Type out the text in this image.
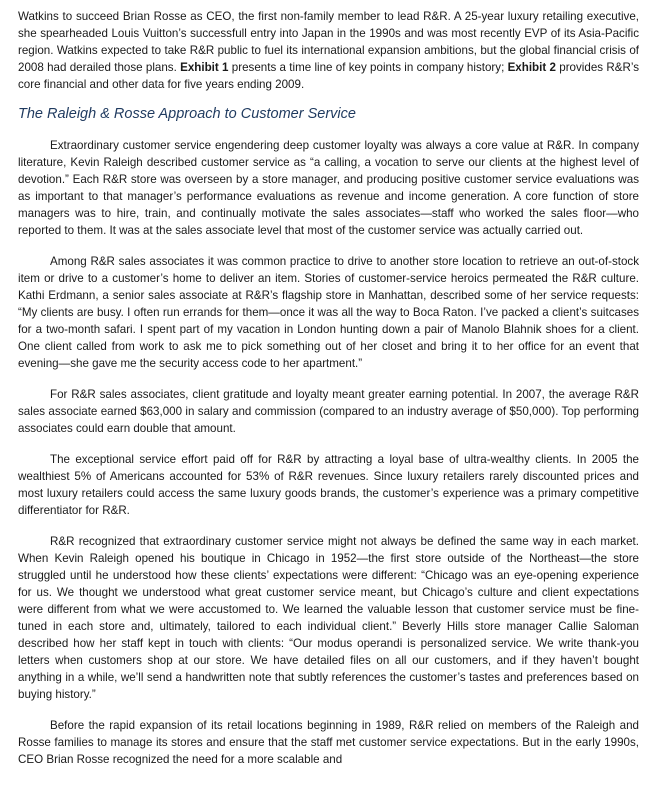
Watkins to succeed Brian Rosse as CEO, the first non-family member to lead R&R. A 25-year luxury retailing executive, she spearheaded Louis Vuitton’s successfull entry into Japan in the 1990s and was most recently EVP of its Asia-Pacific region. Watkins expected to take R&R public to fuel its international expansion ambitions, but the global financial crisis of 2008 had derailed those plans. Exhibit 1 presents a time line of key points in company history; Exhibit 2 provides R&R’s core financial and other data for five years ending 2009.

The Raleigh & Rosse Approach to Customer Service

Extraordinary customer service engendering deep customer loyalty was always a core value at R&R. In company literature, Kevin Raleigh described customer service as “a calling, a vocation to serve our clients at the highest level of devotion.” Each R&R store was overseen by a store manager, and producing positive customer service evaluations was as important to that manager’s performance evaluations as revenue and income generation. A core function of store managers was to hire, train, and continually motivate the sales associates—staff who worked the sales floor—who reported to them. It was at the sales associate level that most of the customer service was actually carried out.

Among R&R sales associates it was common practice to drive to another store location to retrieve an out-of-stock item or drive to a customer’s home to deliver an item. Stories of customer-service heroics permeated the R&R culture. Kathi Erdmann, a senior sales associate at R&R’s flagship store in Manhattan, described some of her service requests: “My clients are busy. I often run errands for them—once it was all the way to Boca Raton. I’ve packed a client’s suitcases for a two-month safari. I spent part of my vacation in London hunting down a pair of Manolo Blahnik shoes for a client. One client called from work to ask me to pick something out of her closet and bring it to her office for an event that evening—she gave me the security access code to her apartment.”

For R&R sales associates, client gratitude and loyalty meant greater earning potential. In 2007, the average R&R sales associate earned $63,000 in salary and commission (compared to an industry average of $50,000). Top performing associates could earn double that amount.

The exceptional service effort paid off for R&R by attracting a loyal base of ultra-wealthy clients. In 2005 the wealthiest 5% of Americans accounted for 53% of R&R revenues. Since luxury retailers rarely discounted prices and most luxury retailers could access the same luxury goods brands, the customer’s experience was a primary competitive differentiator for R&R.

R&R recognized that extraordinary customer service might not always be defined the same way in each market. When Kevin Raleigh opened his boutique in Chicago in 1952—the first store outside of the Northeast—the store struggled until he understood how these clients’ expectations were different: “Chicago was an eye-opening experience for us. We thought we understood what great customer service meant, but Chicago’s culture and client expectations were different from what we were accustomed to. We learned the valuable lesson that customer service must be fine-tuned in each store and, ultimately, tailored to each individual client.” Beverly Hills store manager Callie Saloman described how her staff kept in touch with clients: “Our modus operandi is personalized service. We write thank-you letters when customers shop at our store. We have detailed files on all our customers, and if they haven’t bought anything in a while, we’ll send a handwritten note that subtly references the customer’s tastes and preferences based on buying history.”

Before the rapid expansion of its retail locations beginning in 1989, R&R relied on members of the Raleigh and Rosse families to manage its stores and ensure that the staff met customer service expectations. But in the early 1990s, CEO Brian Rosse recognized the need for a more scalable and
